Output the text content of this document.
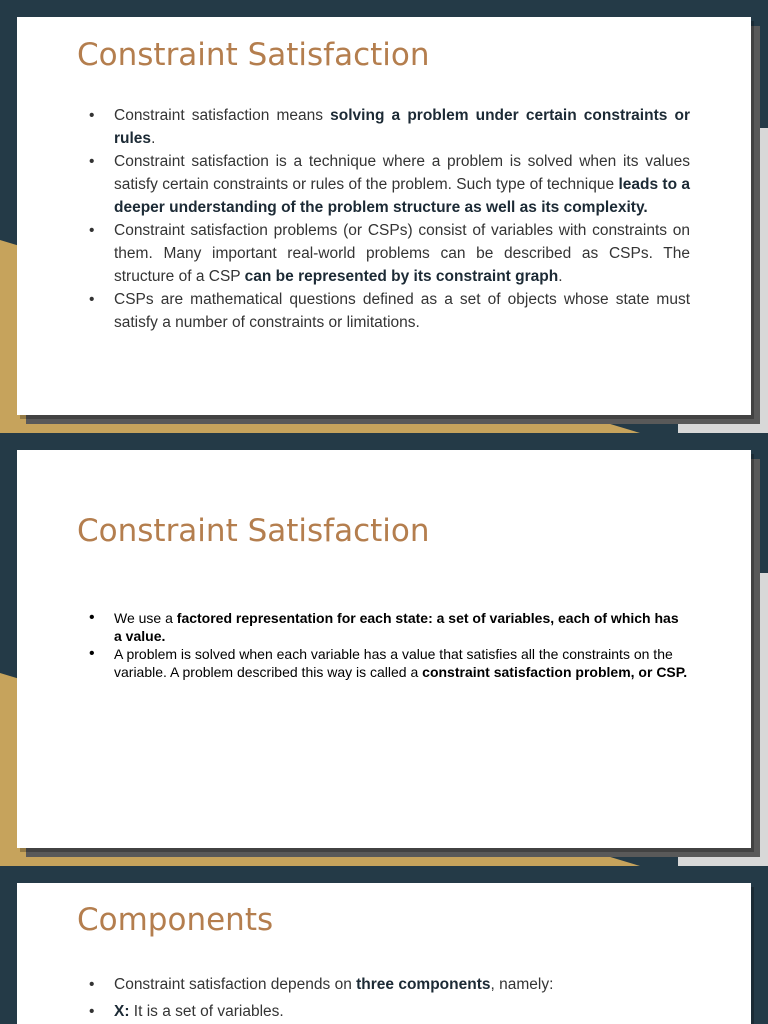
Constraint Satisfaction
• Constraint satisfaction means solving a problem under certain constraints or rules.
• Constraint satisfaction is a technique where a problem is solved when its values satisfy certain constraints or rules of the problem. Such type of technique leads to a deeper understanding of the problem structure as well as its complexity.
• Constraint satisfaction problems (or CSPs) consist of variables with constraints on them. Many important real-world problems can be described as CSPs. The structure of a CSP can be represented by its constraint graph.
• CSPs are mathematical questions defined as a set of objects whose state must satisfy a number of constraints or limitations.
Constraint Satisfaction
• We use a factored representation for each state: a set of variables, each of which has a value.
• A problem is solved when each variable has a value that satisfies all the constraints on the variable. A problem described this way is called a constraint satisfaction problem, or CSP.
Components
• Constraint satisfaction depends on three components, namely:
• X: It is a set of variables.
